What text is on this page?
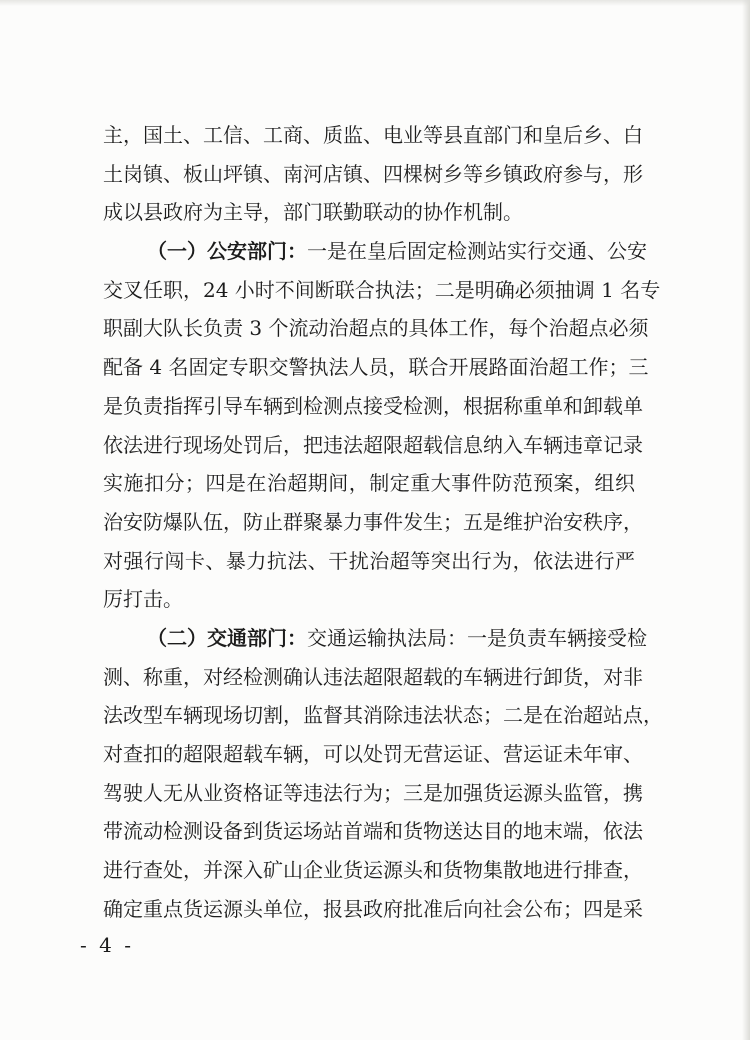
主，国土、工信、工商、质监、电业等县直部门和皇后乡、白
土岗镇、板山坪镇、南河店镇、四棵树乡等乡镇政府参与，形
成以县政府为主导，部门联勤联动的协作机制。
（一）公安部门：一是在皇后固定检测站实行交通、公安
交叉任职，24 小时不间断联合执法；二是明确必须抽调 1 名专
职副大队长负责 3 个流动治超点的具体工作，每个治超点必须
配备 4 名固定专职交警执法人员，联合开展路面治超工作；三
是负责指挥引导车辆到检测点接受检测，根据称重单和卸载单
依法进行现场处罚后，把违法超限超载信息纳入车辆违章记录
实施扣分；四是在治超期间，制定重大事件防范预案，组织
治安防爆队伍，防止群聚暴力事件发生；五是维护治安秩序，
对强行闯卡、暴力抗法、干扰治超等突出行为，依法进行严
厉打击。
（二）交通部门：交通运输执法局：一是负责车辆接受检
测、称重，对经检测确认违法超限超载的车辆进行卸货，对非
法改型车辆现场切割，监督其消除违法状态；二是在治超站点，
对查扣的超限超载车辆，可以处罚无营运证、营运证未年审、
驾驶人无从业资格证等违法行为；三是加强货运源头监管，携
带流动检测设备到货运场站首端和货物送达目的地末端，依法
进行查处，并深入矿山企业货运源头和货物集散地进行排查，
确定重点货运源头单位，报县政府批准后向社会公布；四是采
- 4 -
